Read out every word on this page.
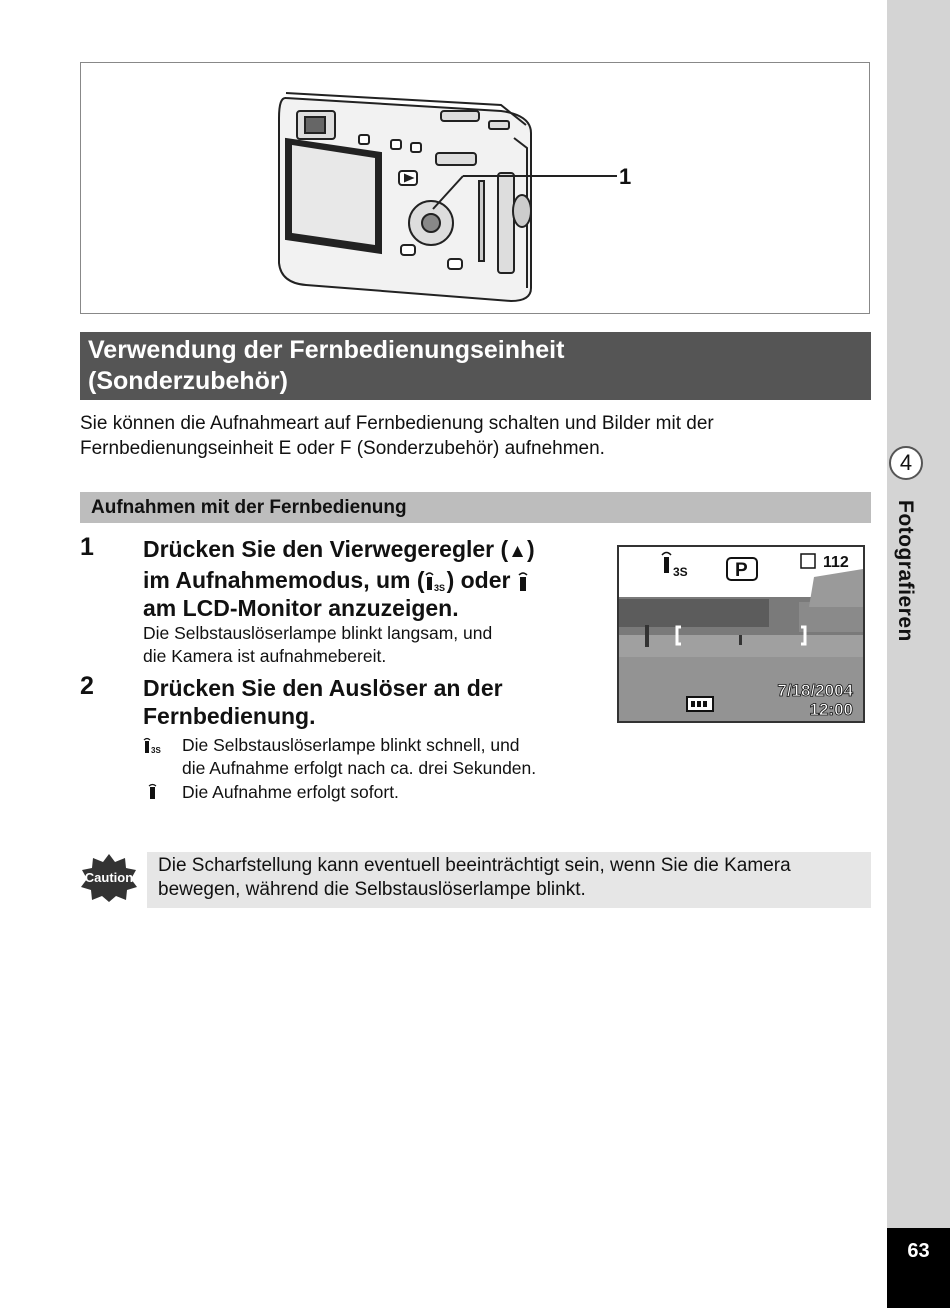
4
Fotografieren
63
1
Verwendung der Fernbedienungseinheit
(Sonderzubehör)
Sie können die Aufnahmeart auf Fernbedienung schalten und Bilder mit der
Fernbedienungseinheit E oder F (Sonderzubehör) aufnehmen.
Aufnahmen mit der Fernbedienung
1 Drücken Sie den Vierwegeregler (▲)
im Aufnahmemodus, um ( 3S ) oder
am LCD-Monitor anzuzeigen.
Die Selbstauslöserlampe blinkt langsam, und
die Kamera ist aufnahmebereit.
3S P	112
7/18/2004
12:00
2 Drücken Sie den Auslöser an der
Fernbedienung.
3S Die Selbstauslöserlampe blinkt schnell, und
die Aufnahme erfolgt nach ca. drei Sekunden.
Die Aufnahme erfolgt sofort.
Caution
Die Scharfstellung kann eventuell beeinträchtigt sein, wenn Sie die Kamera
bewegen, während die Selbstauslöserlampe blinkt.
